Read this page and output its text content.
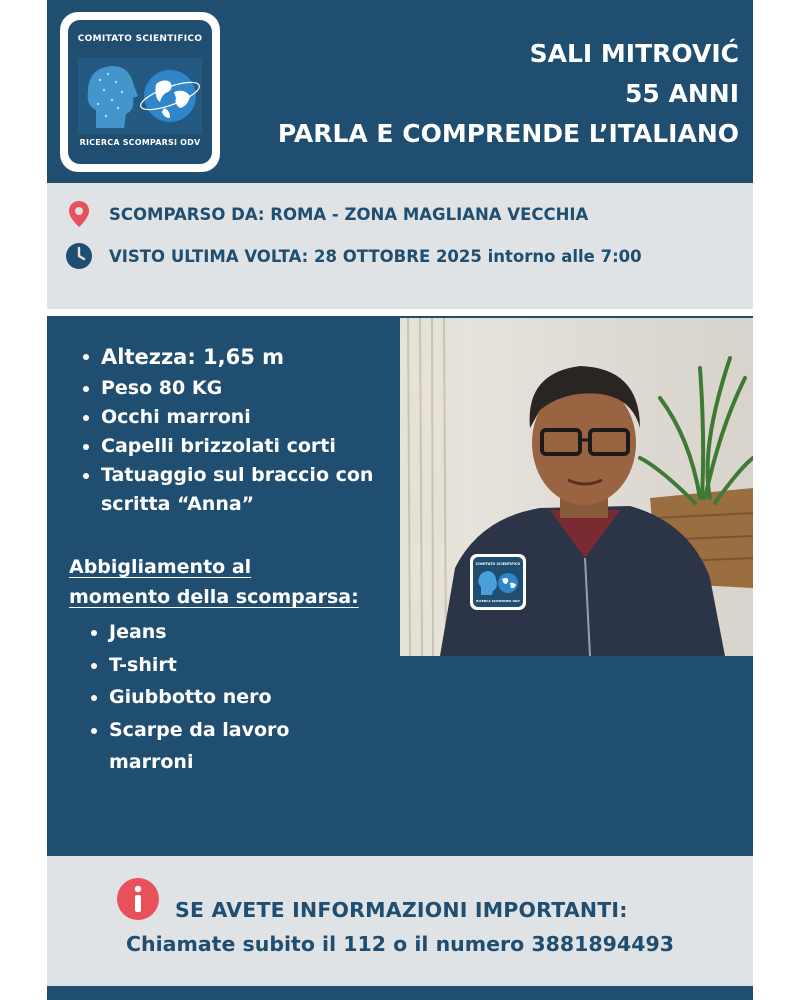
COMITATO SCIENTIFICO
RICERCA SCOMPARSI ODV
SALI MITROVIĆ
55 ANNI
PARLA E COMPRENDE L’ITALIANO
SCOMPARSO DA: ROMA - ZONA MAGLIANA VECCHIA
VISTO ULTIMA VOLTA: 28 OTTOBRE 2025 intorno alle 7:00
Altezza: 1,65 m
Peso 80 KG
Occhi marroni
Capelli brizzolati corti
Tatuaggio sul braccio con scritta “Anna”
Abbigliamento al
momento della scomparsa:
Jeans
T-shirt
Giubbotto nero
Scarpe da lavoro marroni
COMITATO SCIENTIFICO
RICERCA SCOMPARSI ODV
SE AVETE INFORMAZIONI IMPORTANTI:
Chiamate subito il 112 o il numero 3881894493
